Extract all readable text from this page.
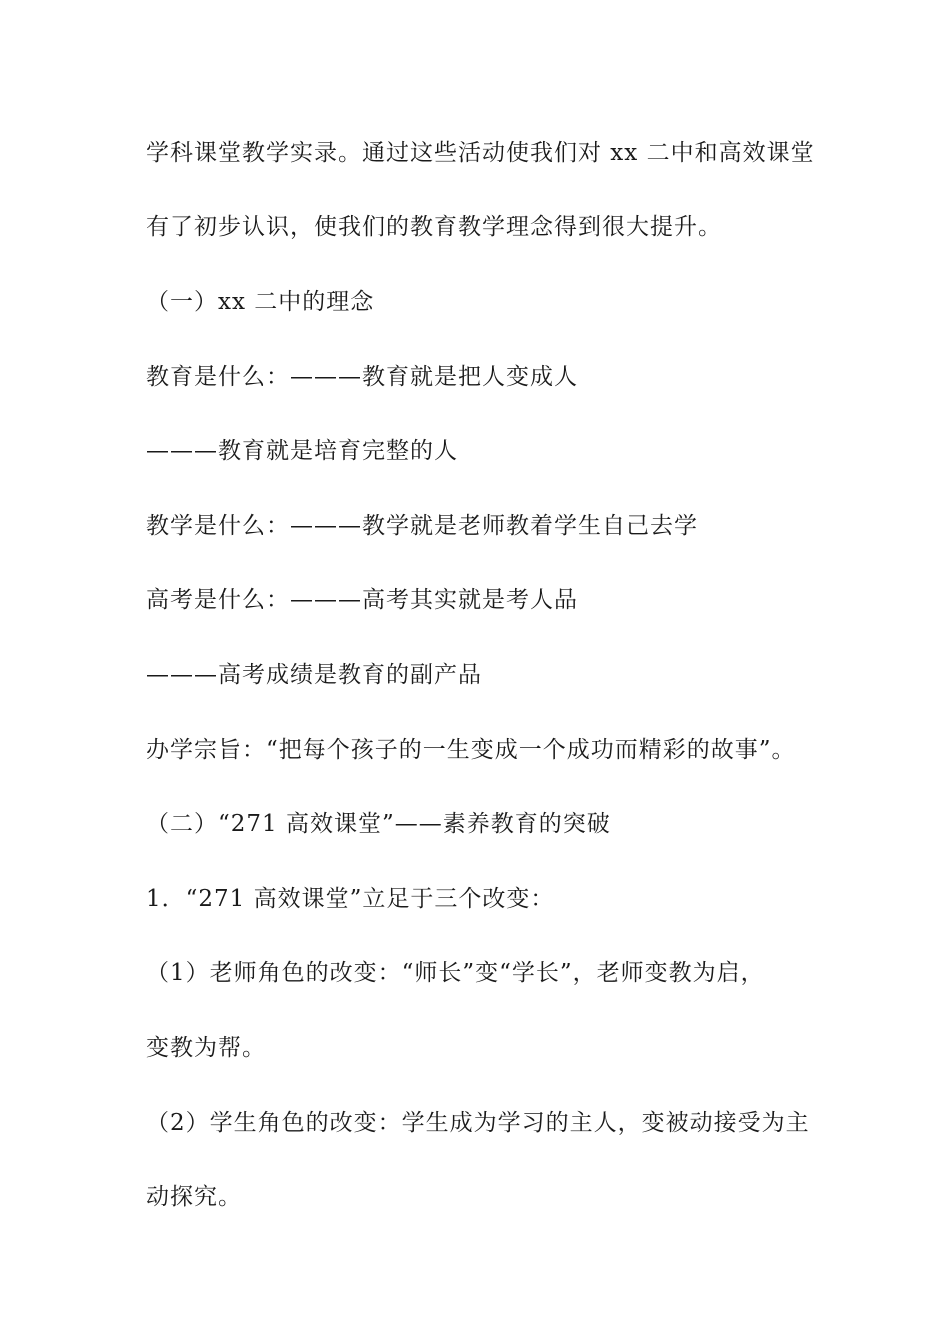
学科课堂教学实录。通过这些活动使我们对 xx 二中和高效课堂
有了初步认识，使我们的教育教学理念得到很大提升。
（一）xx 二中的理念
教育是什么：———教育就是把人变成人
———教育就是培育完整的人
教学是什么：———教学就是老师教着学生自己去学
高考是什么：———高考其实就是考人品
———高考成绩是教育的副产品
办学宗旨：“把每个孩子的一生变成一个成功而精彩的故事”。
（二）“271 高效课堂”——素养教育的突破
1．“271 高效课堂”立足于三个改变：
（1）老师角色的改变：“师长”变“学长”，老师变教为启，
变教为帮。
（2）学生角色的改变：学生成为学习的主人，变被动接受为主
动探究。
